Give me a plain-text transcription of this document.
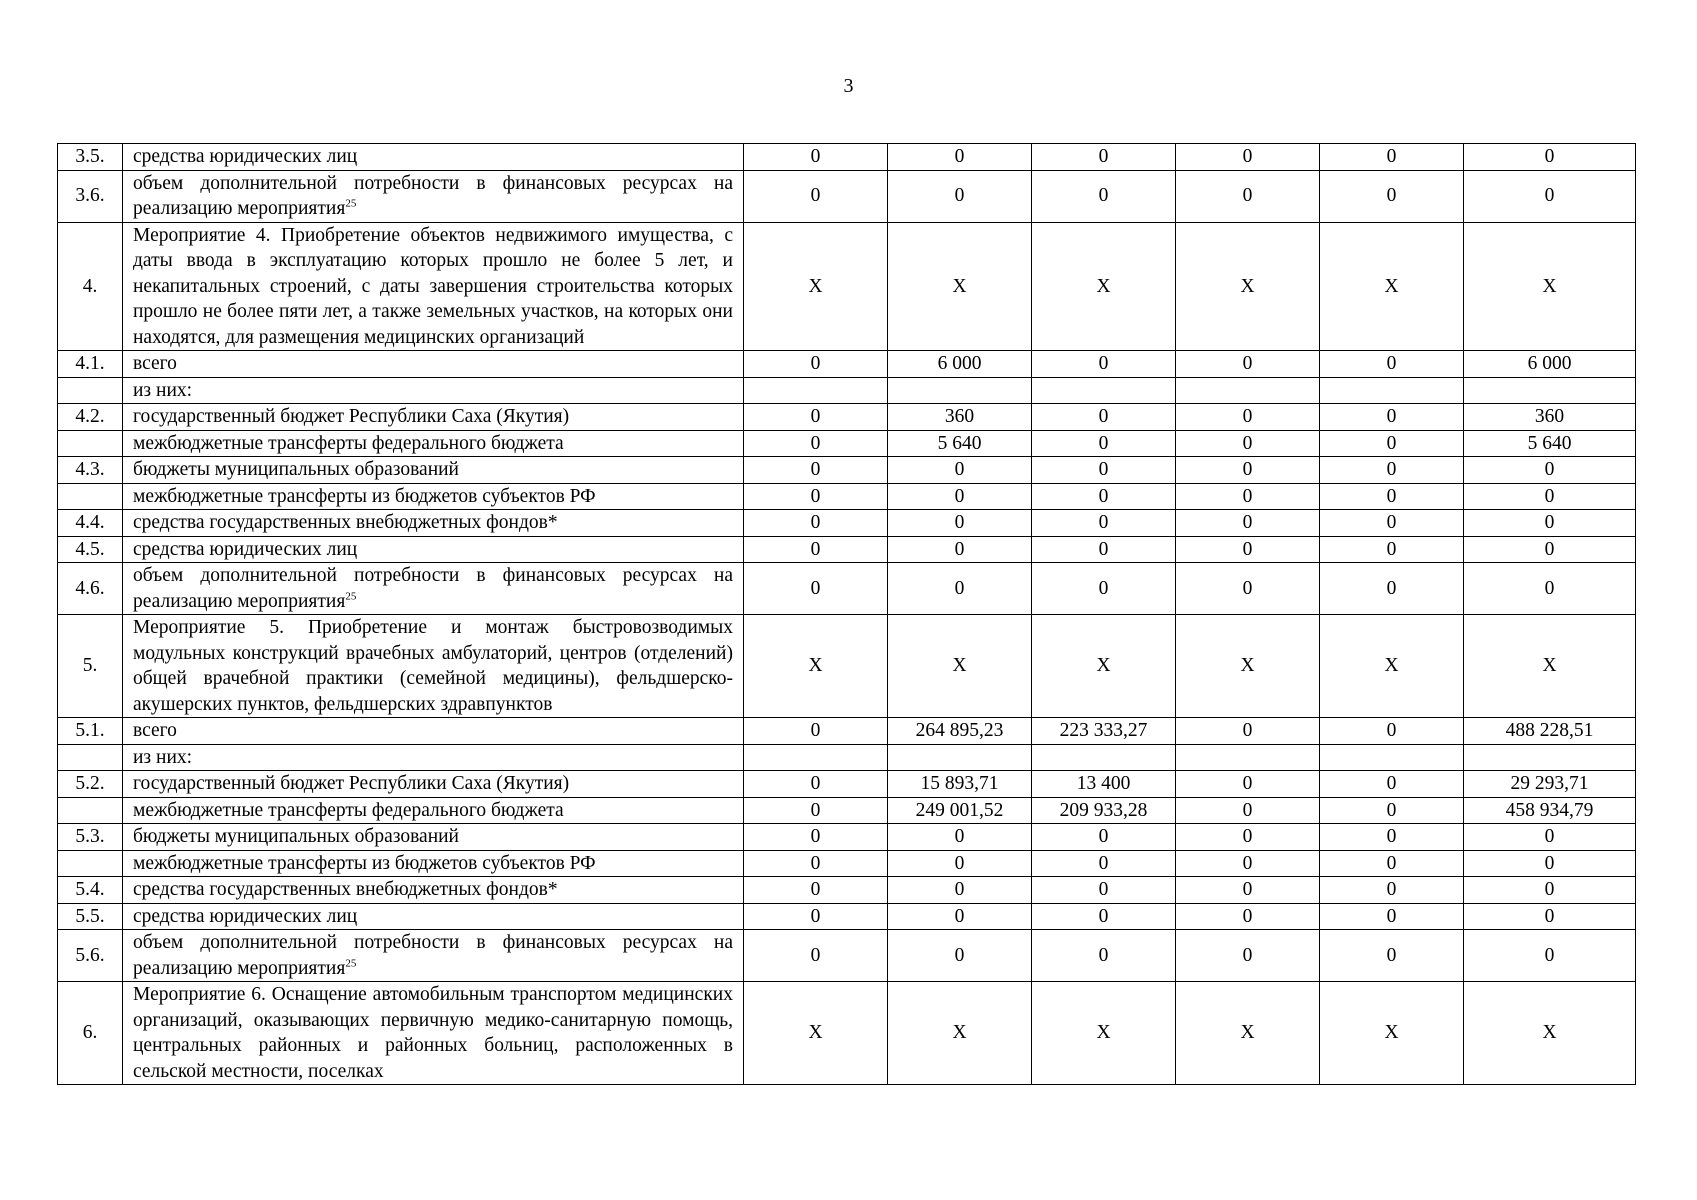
3
3.5.	средства юридических лиц	0	0	0	0	0	0
3.6.	объем дополнительной потребности в финансовых ресурсах на реализацию мероприятия$^{25}$	0	0	0	0	0	0
4.	Мероприятие 4. Приобретение объектов недвижимого имущества, с даты ввода в эксплуатацию которых прошло не более 5 лет, и некапитальных строений, с даты завершения строительства которых прошло не более пяти лет, а также земельных участков, на которых они находятся, для размещения медицинских организаций	X	X	X	X	X	X
4.1.	всего	0	6 000	0	0	0	6 000
	из них:						
4.2.	государственный бюджет Республики Саха (Якутия)	0	360	0	0	0	360
	межбюджетные трансферты федерального бюджета	0	5 640	0	0	0	5 640
4.3.	бюджеты муниципальных образований	0	0	0	0	0	0
	межбюджетные трансферты из бюджетов субъектов РФ	0	0	0	0	0	0
4.4.	средства государственных внебюджетных фондов*	0	0	0	0	0	0
4.5.	средства юридических лиц	0	0	0	0	0	0
4.6.	объем дополнительной потребности в финансовых ресурсах на реализацию мероприятия$^{25}$	0	0	0	0	0	0
5.	Мероприятие 5. Приобретение и монтаж быстровозводимых модульных конструкций врачебных амбулаторий, центров (отделений) общей врачебной практики (семейной медицины), фельдшерско-акушерских пунктов, фельдшерских здравпунктов	X	X	X	X	X	X
5.1.	всего	0	264 895,23	223 333,27	0	0	488 228,51
	из них:						
5.2.	государственный бюджет Республики Саха (Якутия)	0	15 893,71	13 400	0	0	29 293,71
	межбюджетные трансферты федерального бюджета	0	249 001,52	209 933,28	0	0	458 934,79
5.3.	бюджеты муниципальных образований	0	0	0	0	0	0
	межбюджетные трансферты из бюджетов субъектов РФ	0	0	0	0	0	0
5.4.	средства государственных внебюджетных фондов*	0	0	0	0	0	0
5.5.	средства юридических лиц	0	0	0	0	0	0
5.6.	объем дополнительной потребности в финансовых ресурсах на реализацию мероприятия$^{25}$	0	0	0	0	0	0
6.	Мероприятие 6. Оснащение автомобильным транспортом медицинских организаций, оказывающих первичную медико-санитарную помощь, центральных районных и районных больниц, расположенных в сельской местности, поселках	X	X	X	X	X	X
